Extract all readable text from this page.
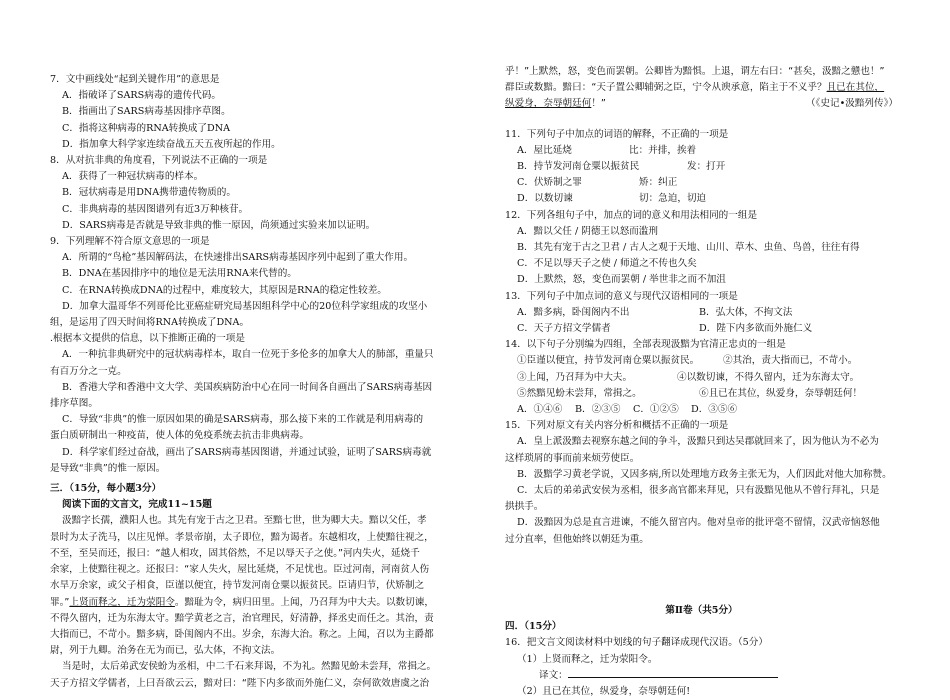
7．文中画线处“起到关键作用”的意思是
A．指破译了SARS病毒的遗传代码。
B．指画出了SARS病毒基因排序草图。
C．指将这种病毒的RNA转换成了DNA
D．指加拿大科学家连续奋战五天五夜所起的作用。
8．从对抗非典的角度看，下列说法不正确的一项是
A．获得了一种冠状病毒的样本。
B．冠状病毒是用DNA携带遗传物质的。
C．非典病毒的基因图谱列有近3万种核苷。
D．SARS病毒是否就是导致非典的惟一原因，尚须通过实验来加以证明。
9．下列理解不符合原文意思的一项是
A．所谓的“鸟枪”基因解码法，在快速排出SARS病毒基因序列中起到了重大作用。
B．DNA在基因排序中的地位是无法用RNA来代替的。
C．在RNA转换成DNA的过程中，难度较大，其原因是RNA的稳定性较差。
D．加拿大温哥华不列哥伦比亚癌症研究局基因组科学中心的20位科学家组成的攻坚小
组，是运用了四天时间将RNA转换成了DNA。
.根据本文提供的信息，以下推断正确的一项是
A．一种抗非典研究中的冠状病毒样本，取自一位死于多伦多的加拿大人的肺部，重量只
有百万分之一克。
B．香港大学和香港中文大学、美国疾病防治中心在同一时间各自画出了SARS病毒基因
排序草图。
C．导致“非典”的惟一原因如果的确是SARS病毒，那么接下来的工作就是利用病毒的
蛋白质研制出一种疫苗，使人体的免疫系统去抗击非典病毒。
D．科学家们经过奋战，画出了SARS病毒基因图谱，并通过试验，证明了SARS病毒就
是导致“非典”的惟一原因。
三．（15分，每小题3分）
阅读下面的文言文，完成11~15题
汲黯字长孺，濮阳人也。其先有宠于古之卫君。至黯七世，世为卿大夫。黯以父任，孝
景时为太子洗马，以庄见惮。孝景帝崩，太子即位，黯为谒者。东越相攻，上使黯往视之，
不至，至吴而还，报曰：“越人相攻，固其俗然，不足以辱天子之使。”河内失火，延烧千
余家，上使黯往视之。还报曰：“家人失火，屋比延烧，不足忧也。臣过河南，河南贫人伤
水旱万余家，或父子相食，臣谨以便宜，持节发河南仓粟以振贫民。臣请归节，伏矫制之
罪。”上贤而释之，迁为荥阳令。黯耻为令，病归田里。上闻，乃召拜为中大夫。以数切谏，
不得久留内，迁为东海太守。黯学黄老之言，治官理民，好清静，择丞史而任之。其治，责
大指而已，不苛小。黯多病，卧闺阁内不出。岁余，东海大治。称之。上闻，召以为主爵都
尉，列于九卿。治务在无为而已，弘大体，不拘文法。
当是时，太后弟武安侯蚡为丞相，中二千石来拜谒，不为礼。然黯见蚡未尝拜，常揖之。
天子方招文学儒者，上曰吾欲云云，黯对曰：“陛下内多欲而外施仁义，奈何欲效唐虞之治
乎！”上默然，怒，变色而罢朝。公卿皆为黯惧。上退，谓左右曰：“甚矣，汲黯之戆也！”
群臣或数黯。黯曰：“天子置公卿辅弼之臣，宁令从谀承意，陷主于不义乎？且已在其位，
纵爱身，奈辱朝廷何！”	（《史记•汲黯列传》）
11．下列句子中加点的词语的解释，不正确的一项是
A．屋比延烧	比：并排，挨着
B．持节发河南仓粟以振贫民	发：打开
C．伏矫制之罪	矫：纠正
D．以数切谏	切：急迫，切迫
12．下列各组句子中，加点的词的意义和用法相同的一组是
A．黯以父任 / 阴德王以怒而滥刑
B．其先有宠于古之卫君 / 古人之观于天地、山川、草木、虫鱼、鸟兽，往往有得
C．不足以辱天子之使 / 师道之不传也久矣
D．上默然，怒，变色而罢朝 / 举世非之而不加沮
13．下列句子中加点词的意义与现代汉语相同的一项是
A．黯多病，卧闺阁内不出	B．弘大体，不拘文法
C．天子方招文学儒者	D．陛下内多欲而外施仁义
14．以下句子分别编为四组，全部表现汲黯为官清正忠贞的一组是
①臣谨以便宜，持节发河南仓粟以振贫民。 ②其治，责大指而已，不苛小。
③上闻，乃召拜为中大夫。	④以数切谏，不得久留内，迁为东海太守。
⑤然黯见蚡未尝拜，常揖之。	⑥且已在其位，纵爱身，奈辱朝廷何！
A．①④⑥ B．②③⑤ C．①②⑤ D．③⑤⑥
15．下列对原文有关内容分析和概括不正确的一项是
A．皇上派汲黯去视察东越之间的争斗，汲黯只到达吴郡就回来了，因为他认为不必为
这样琐屑的事而前来烦劳使臣。
B．汲黯学习黄老学说，又因多病,所以处理地方政务主张无为，人们因此对他大加称赞。
C．太后的弟弟武安侯为丞相，很多高官都来拜见，只有汲黯见他从不曾行拜礼，只是
拱拱手。
D．汲黯因为总是直言进谏，不能久留宫内。他对皇帝的批评毫不留情，汉武帝恼怒他
过分直率，但他始终以朝廷为重。
第Ⅱ卷（共5分）
四．（15分）
16．把文言文阅读材料中划线的句子翻译成现代汉语。（5分）
（1）上贤而释之，迁为荥阳令。
译文：
（2）且已在其位，纵爱身，奈辱朝廷何!
